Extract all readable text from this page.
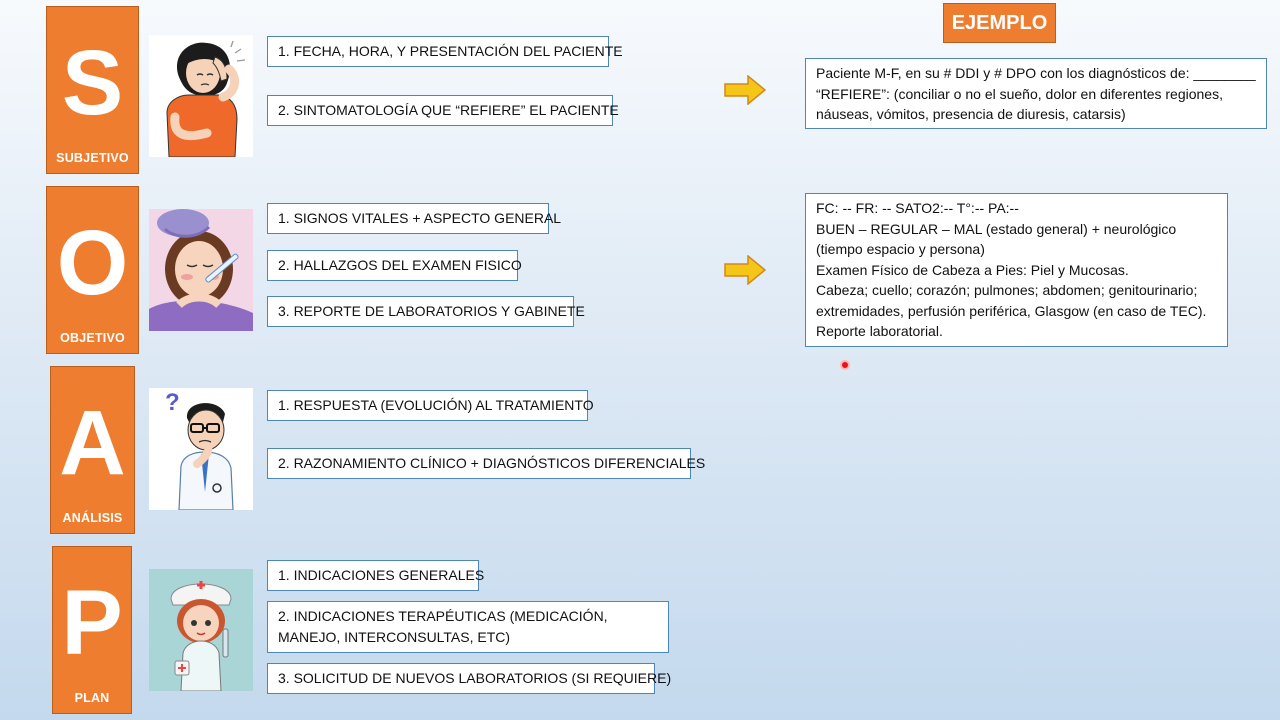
S
SUBJETIVO
1. FECHA, HORA, Y PRESENTACIÓN DEL PACIENTE
2. SINTOMATOLOGÍA QUE “REFIERE” EL PACIENTE
O
OBJETIVO
1. SIGNOS VITALES + ASPECTO GENERAL
2. HALLAZGOS DEL EXAMEN FISICO
3. REPORTE DE LABORATORIOS Y GABINETE
A
ANÁLISIS
?	1. RESPUESTA (EVOLUCIÓN) AL TRATAMIENTO
2. RAZONAMIENTO CLÍNICO + DIAGNÓSTICOS DIFERENCIALES
P
PLAN
1. INDICACIONES GENERALES
2. INDICACIONES TERAPÉUTICAS (MEDICACIÓN, MANEJO, INTERCONSULTAS, ETC)
3. SOLICITUD DE NUEVOS LABORATORIOS (SI REQUIERE)
EJEMPLO
Paciente M-F, en su # DDI y # DPO con los diagnósticos de: ________
“REFIERE”: (conciliar o no el sueño, dolor en diferentes regiones,
náuseas, vómitos, presencia de diuresis, catarsis)
FC: -- FR: -- SATO2:-- T°:-- PA:--
BUEN – REGULAR – MAL (estado general) + neurológico
(tiempo espacio y persona)
Examen Físico de Cabeza a Pies: Piel y Mucosas.
Cabeza; cuello; corazón; pulmones; abdomen; genitourinario;
extremidades, perfusión periférica, Glasgow (en caso de TEC).
Reporte laboratorial.
